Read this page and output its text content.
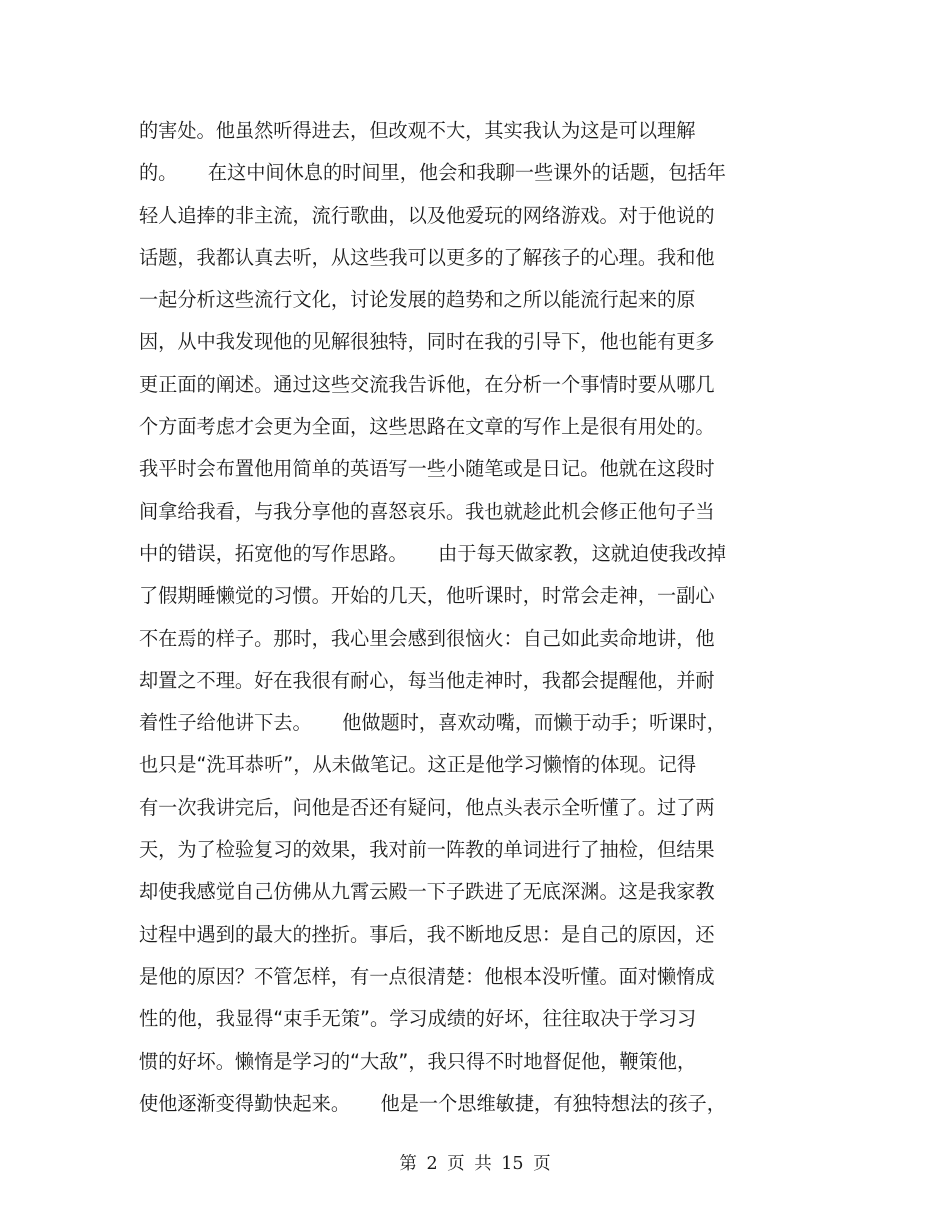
的害处。他虽然听得进去，但改观不大，其实我认为这是可以理解
的。     在这中间休息的时间里，他会和我聊一些课外的话题，包括年
轻人追捧的非主流，流行歌曲，以及他爱玩的网络游戏。对于他说的
话题，我都认真去听，从这些我可以更多的了解孩子的心理。我和他
一起分析这些流行文化，讨论发展的趋势和之所以能流行起来的原
因，从中我发现他的见解很独特，同时在我的引导下，他也能有更多
更正面的阐述。通过这些交流我告诉他，在分析一个事情时要从哪几
个方面考虑才会更为全面，这些思路在文章的写作上是很有用处的。
我平时会布置他用简单的英语写一些小随笔或是日记。他就在这段时
间拿给我看，与我分享他的喜怒哀乐。我也就趁此机会修正他句子当
中的错误，拓宽他的写作思路。     由于每天做家教，这就迫使我改掉
了假期睡懒觉的习惯。开始的几天，他听课时，时常会走神，一副心
不在焉的样子。那时，我心里会感到很恼火：自己如此卖命地讲，他
却置之不理。好在我很有耐心，每当他走神时，我都会提醒他，并耐
着性子给他讲下去。     他做题时，喜欢动嘴，而懒于动手；听课时，
也只是“洗耳恭听”，从未做笔记。这正是他学习懒惰的体现。记得
有一次我讲完后，问他是否还有疑问，他点头表示全听懂了。过了两
天，为了检验复习的效果，我对前一阵教的单词进行了抽检，但结果
却使我感觉自己仿佛从九霄云殿一下子跌进了无底深渊。这是我家教
过程中遇到的最大的挫折。事后，我不断地反思：是自己的原因，还
是他的原因？不管怎样，有一点很清楚：他根本没听懂。面对懒惰成
性的他，我显得“束手无策”。学习成绩的好坏，往往取决于学习习
惯的好坏。懒惰是学习的“大敌”，我只得不时地督促他，鞭策他，
使他逐渐变得勤快起来。     他是一个思维敏捷，有独特想法的孩子，
第 2 页 共 15 页
